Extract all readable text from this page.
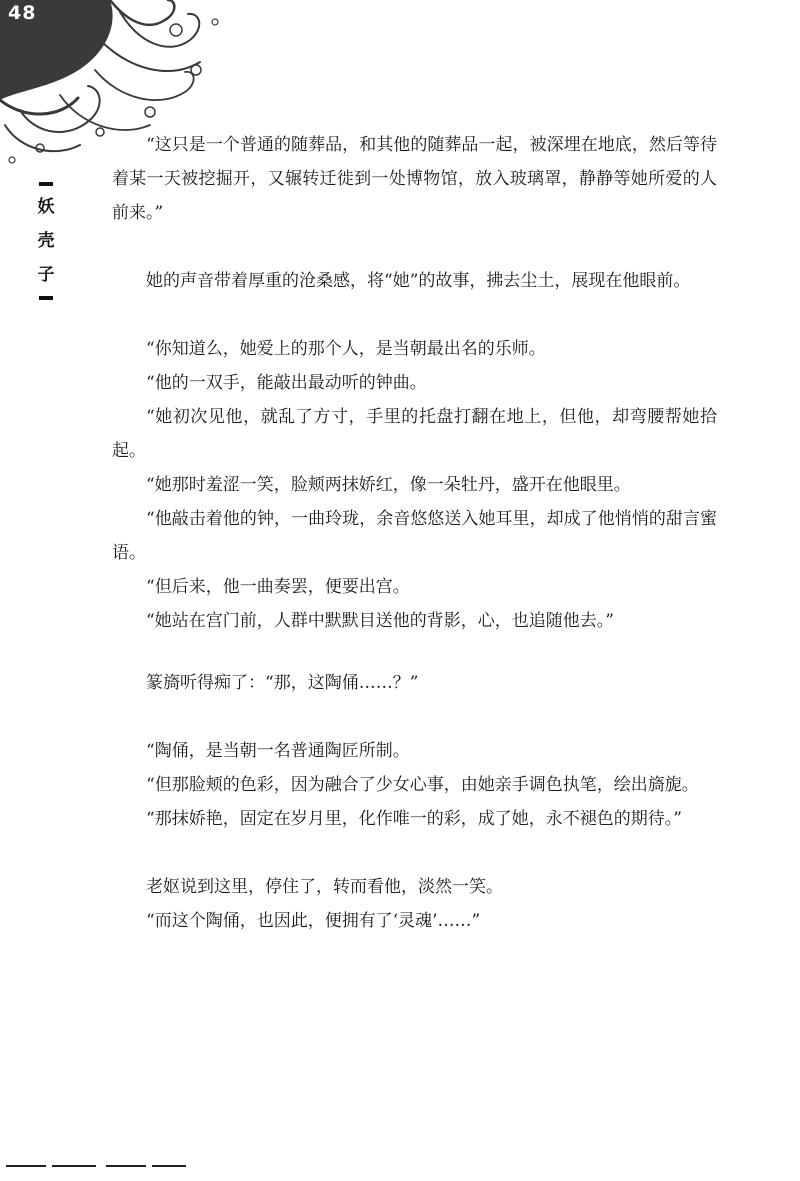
48
妖
壳
子

“这只是一个普通的随葬品，和其他的随葬品一起，被深埋在地底，然后等待着某一天被挖掘开，又辗转迁徙到一处博物馆，放入玻璃罩，静静等她所爱的人前来。”

她的声音带着厚重的沧桑感，将“她”的故事，拂去尘土，展现在他眼前。

“你知道么，她爱上的那个人，是当朝最出名的乐师。

“他的一双手，能敲出最动听的钟曲。

“她初次见他，就乱了方寸，手里的托盘打翻在地上，但他，却弯腰帮她拾起。

“她那时羞涩一笑，脸颊两抹娇红，像一朵牡丹，盛开在他眼里。

“他敲击着他的钟，一曲玲珑，余音悠悠送入她耳里，却成了他悄悄的甜言蜜语。

“但后来，他一曲奏罢，便要出宫。

“她站在宫门前，人群中默默目送他的背影，心，也追随他去。”

篆旖听得痴了：“那，这陶俑……？”

“陶俑，是当朝一名普通陶匠所制。

“但那脸颊的色彩，因为融合了少女心事，由她亲手调色执笔，绘出旖旎。

“那抹娇艳，固定在岁月里，化作唯一的彩，成了她，永不褪色的期待。”

老妪说到这里，停住了，转而看他，淡然一笑。

“而这个陶俑，也因此，便拥有了‘灵魂’……”
